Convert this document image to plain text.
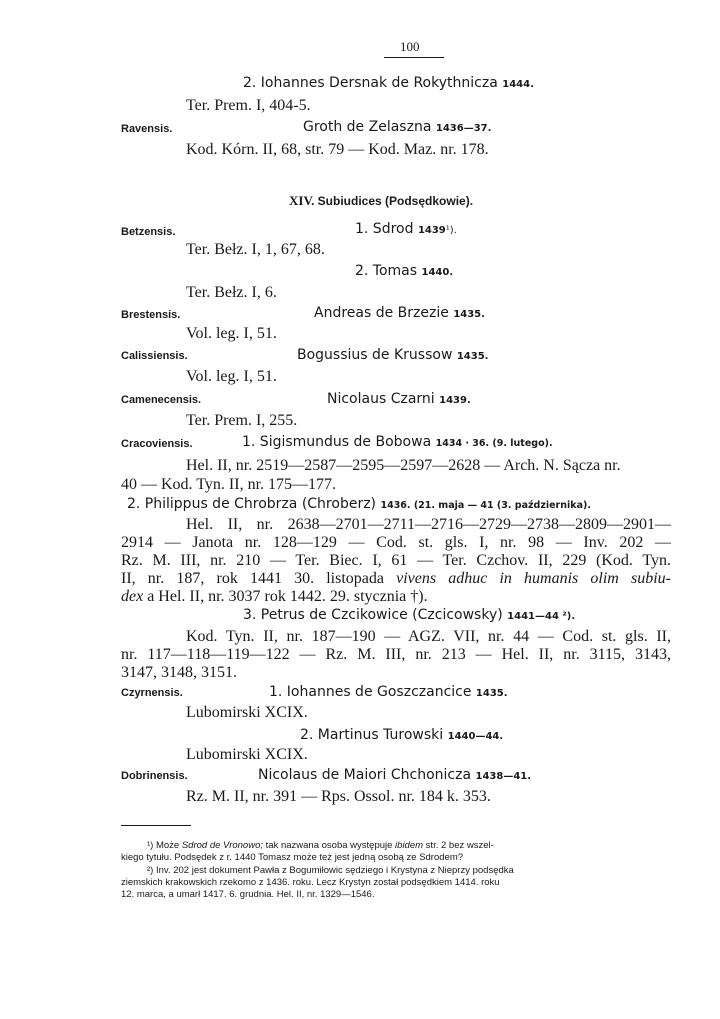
100
2. Iohannes Dersnak de Rokythnicza 1444.
Ter. Prem. I, 404-5.
Ravensis.	Groth de Zelaszna 1436—37.
Kod. Kórn. II, 68, str. 79 — Kod. Maz. nr. 178.
XIV. Subiudices (Podsędkowie).
Betzensis.	1. Sdrod 1439¹).
Ter. Bełz. I, 1, 67, 68.
2. Tomas 1440.
Ter. Bełz. I, 6.
Brestensis.	Andreas de Brzezie 1435.
Vol. leg. I, 51.
Calissiensis.	Bogussius de Krussow 1435.
Vol. leg. I, 51.
Camenecensis.	Nicolaus Czarni 1439.
Ter. Prem. I, 255.
Cracoviensis.	1. Sigismundus de Bobowa 1434 · 36. (9. lutego).
Hel. II, nr. 2519—2587—2595—2597—2628 — Arch. N. Sącza nr.
40 — Kod. Tyn. II, nr. 175—177.
2. Philippus de Chrobrza (Chroberz) 1436. (21. maja — 41 (3. października).
Hel. II, nr. 2638—2701—2711—2716—2729—2738—2809—2901—
2914 — Janota nr. 128—129 — Cod. st. gls. I, nr. 98 — Inv. 202 —
Rz. M. III, nr. 210 — Ter. Biec. I, 61 — Ter. Czchov. II, 229 (Kod. Tyn.
II, nr. 187, rok 1441 30. listopada vivens adhuc in humanis olim subiu-
dex a Hel. II, nr. 3037 rok 1442. 29. stycznia †).
3. Petrus de Czcikowice (Czcicowsky) 1441—44 ²).
Kod. Tyn. II, nr. 187—190 — AGZ. VII, nr. 44 — Cod. st. gls. II,
nr. 117—118—119—122 — Rz. M. III, nr. 213 — Hel. II, nr. 3115, 3143,
3147, 3148, 3151.
Czyrnensis.	1. Iohannes de Goszczancice 1435.
Lubomirski XCIX.
2. Martinus Turowski 1440—44.
Lubomirski XCIX.
Dobrinensis.	Nicolaus de Maiori Chchonicza 1438—41.
Rz. M. II, nr. 391 — Rps. Ossol. nr. 184 k. 353.
¹) Może Sdrod de Vronowo; tak nazwana osoba występuje ibidem str. 2 bez wszel-
kiego tytułu. Podsędek z r. 1440 Tomasz może też jest jedną osobą ze Sdrodem?
²) Inv. 202 jest dokument Pawła z Bogumiłowic sędziego i Krystyna z Nieprzy podsędka
ziemskich krakowskich rzekomo z 1436. roku. Lecz Krystyn został podsędkiem 1414. roku
12. marca, a umarł 1417. 6. grudnia. Hel. II, nr. 1329—1546.
